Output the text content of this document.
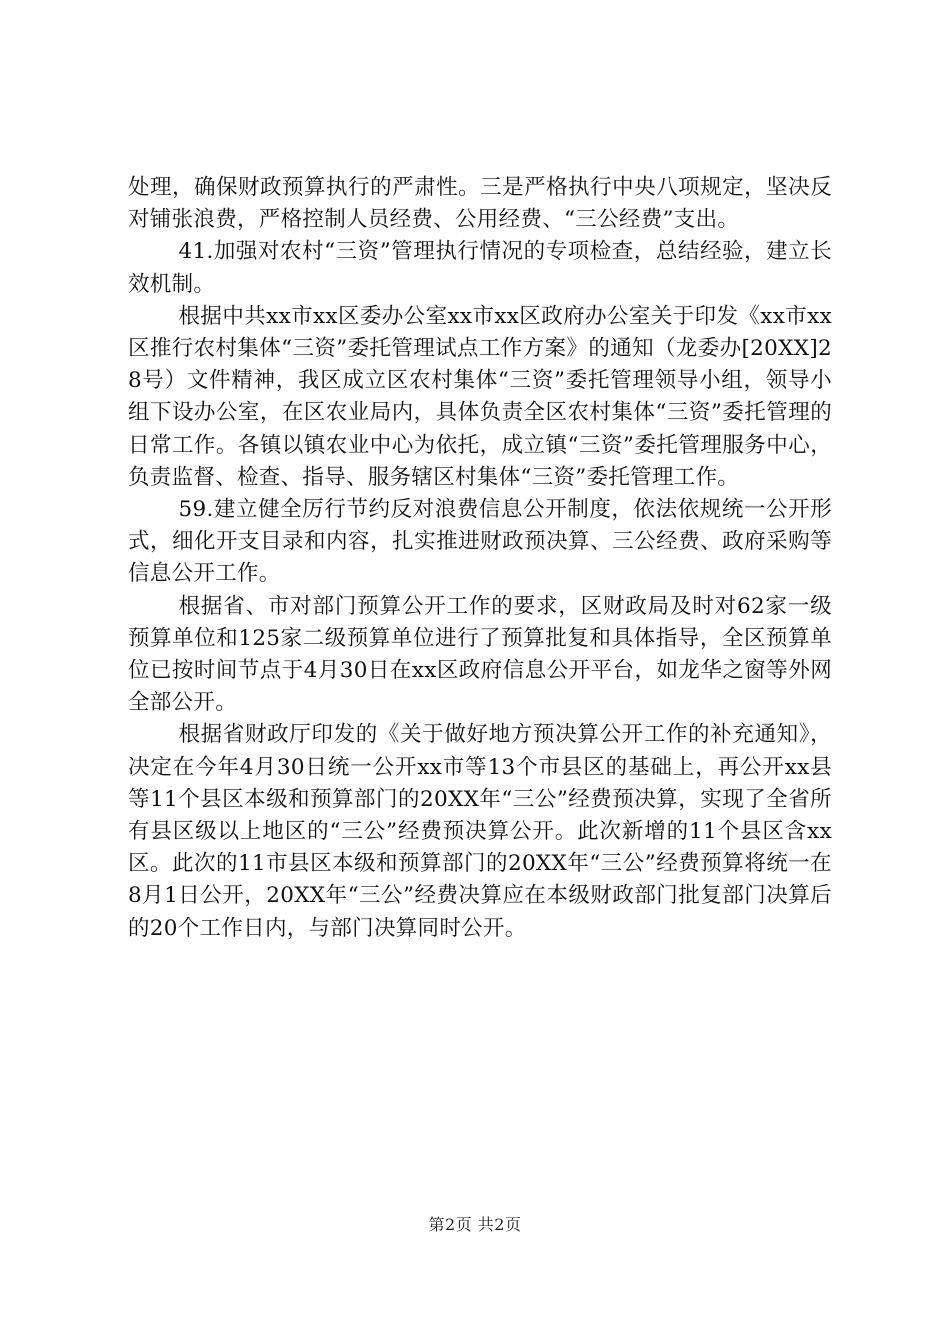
处理，确保财政预算执行的严肃性。三是严格执行中央八项规定，坚决反对铺张浪费，严格控制人员经费、公用经费、“三公经费”支出。

41.加强对农村“三资”管理执行情况的专项检查，总结经验，建立长效机制。

根据中共xx市xx区委办公室xx市xx区政府办公室关于印发《xx市xx区推行农村集体“三资”委托管理试点工作方案》的通知（龙委办[20XX]28号）文件精神，我区成立区农村集体“三资”委托管理领导小组，领导小组下设办公室，在区农业局内，具体负责全区农村集体“三资”委托管理的日常工作。各镇以镇农业中心为依托，成立镇“三资”委托管理服务中心，负责监督、检查、指导、服务辖区村集体“三资”委托管理工作。

59.建立健全厉行节约反对浪费信息公开制度，依法依规统一公开形式，细化开支目录和内容，扎实推进财政预决算、三公经费、政府采购等信息公开工作。

根据省、市对部门预算公开工作的要求，区财政局及时对62家一级预算单位和125家二级预算单位进行了预算批复和具体指导，全区预算单位已按时间节点于4月30日在xx区政府信息公开平台，如龙华之窗等外网全部公开。

根据省财政厅印发的《关于做好地方预决算公开工作的补充通知》，决定在今年4月30日统一公开xx市等13个市县区的基础上，再公开xx县等11个县区本级和预算部门的20XX年“三公”经费预决算，实现了全省所有县区级以上地区的“三公”经费预决算公开。此次新增的11个县区含xx区。此次的11市县区本级和预算部门的20XX年“三公”经费预算将统一在8月1日公开，20XX年“三公”经费决算应在本级财政部门批复部门决算后的20个工作日内，与部门决算同时公开。

第2页 共2页
